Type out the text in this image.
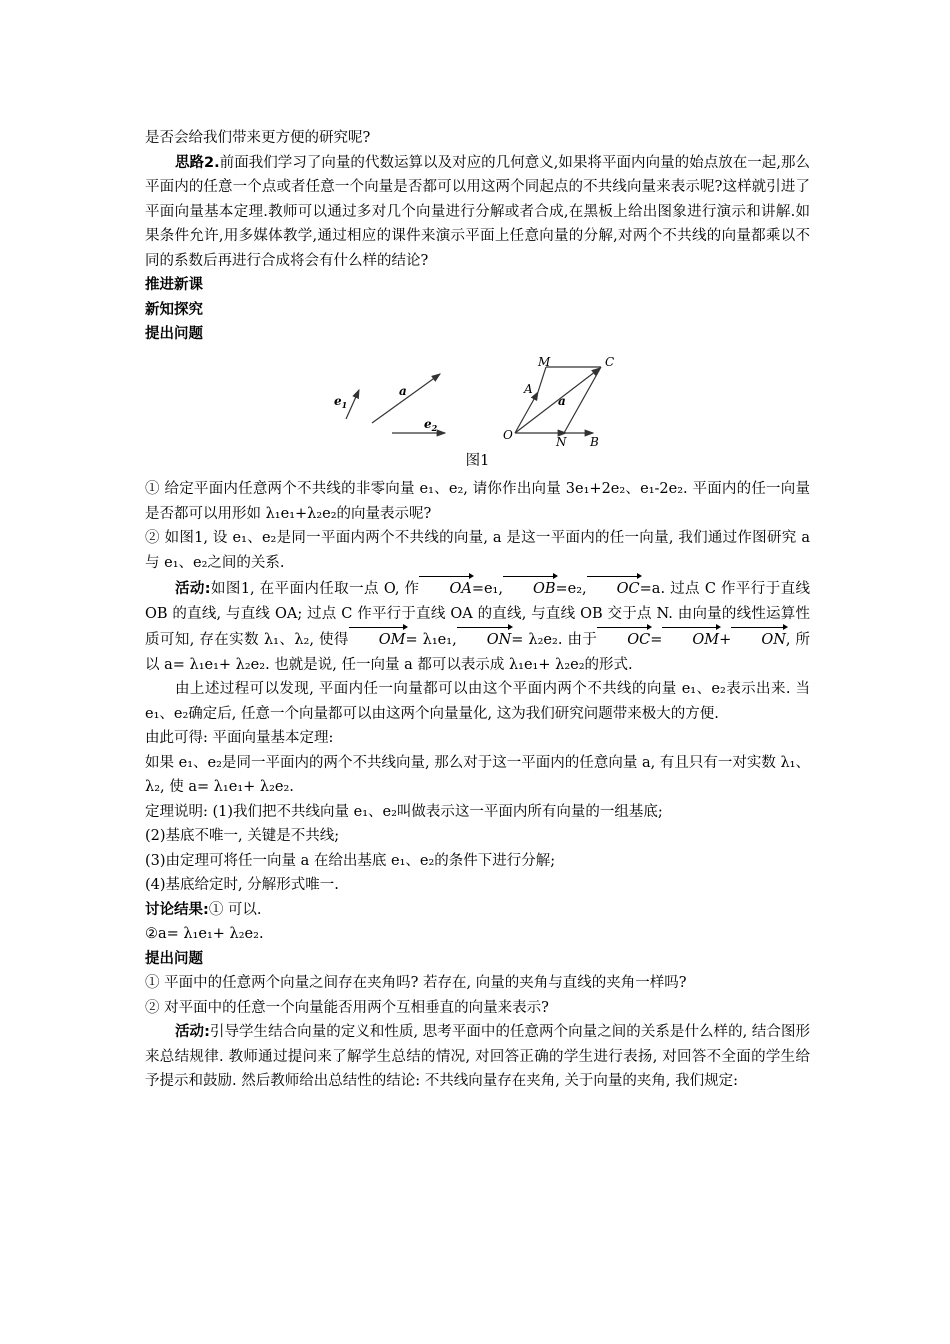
是否会给我们带来更方便的研究呢?

思路2.前面我们学习了向量的代数运算以及对应的几何意义,如果将平面内向量的始点放在一起,那么平面内的任意一个点或者任意一个向量是否都可以用这两个同起点的不共线向量来表示呢?这样就引进了平面向量基本定理.教师可以通过多对几个向量进行分解或者合成,在黑板上给出图象进行演示和讲解.如果条件允许,用多媒体教学,通过相应的课件来演示平面上任意向量的分解,对两个不共线的向量都乘以不同的系数后再进行合成将会有什么样的结论?

推进新课

新知探究

提出问题

$e_1$
a
$e_2$
M	C
A
a
O	N B

图1

① 给定平面内任意两个不共线的非零向量 e₁、e₂, 请你作出向量 3e₁+2e₂、e₁-2e₂. 平面内的任一向量是否都可以用形如 λ₁e₁+λ₂e₂的向量表示呢?

② 如图1, 设 e₁、e₂是同一平面内两个不共线的向量, a 是这一平面内的任一向量, 我们通过作图研究 a 与 e₁、e₂之间的关系.

活动:如图1, 在平面内任取一点 O, 作 OA=e₁, OB=e₂, OC=a. 过点 C 作平行于直线 OB 的直线, 与直线 OA; 过点 C 作平行于直线 OA 的直线, 与直线 OB 交于点 N. 由向量的线性运算性质可知, 存在实数 λ₁、λ₂, 使得 OM= λ₁e₁, ON= λ₂e₂. 由于 OC= OM+ ON, 所以 a= λ₁e₁+ λ₂e₂. 也就是说, 任一向量 a 都可以表示成 λ₁e₁+ λ₂e₂的形式.

由上述过程可以发现, 平面内任一向量都可以由这个平面内两个不共线的向量 e₁、e₂表示出来. 当 e₁、e₂确定后, 任意一个向量都可以由这两个向量量化, 这为我们研究问题带来极大的方便.

由此可得: 平面向量基本定理:

如果 e₁、e₂是同一平面内的两个不共线向量, 那么对于这一平面内的任意向量 a, 有且只有一对实数 λ₁、λ₂, 使 a= λ₁e₁+ λ₂e₂.

定理说明: (1)我们把不共线向量 e₁、e₂叫做表示这一平面内所有向量的一组基底;

(2)基底不唯一, 关键是不共线;

(3)由定理可将任一向量 a 在给出基底 e₁、e₂的条件下进行分解;

(4)基底给定时, 分解形式唯一.

讨论结果:① 可以.

②a= λ₁e₁+ λ₂e₂.

提出问题

① 平面中的任意两个向量之间存在夹角吗? 若存在, 向量的夹角与直线的夹角一样吗?

② 对平面中的任意一个向量能否用两个互相垂直的向量来表示?

活动:引导学生结合向量的定义和性质, 思考平面中的任意两个向量之间的关系是什么样的, 结合图形来总结规律. 教师通过提问来了解学生总结的情况, 对回答正确的学生进行表扬, 对回答不全面的学生给予提示和鼓励. 然后教师给出总结性的结论: 不共线向量存在夹角, 关于向量的夹角, 我们规定:
